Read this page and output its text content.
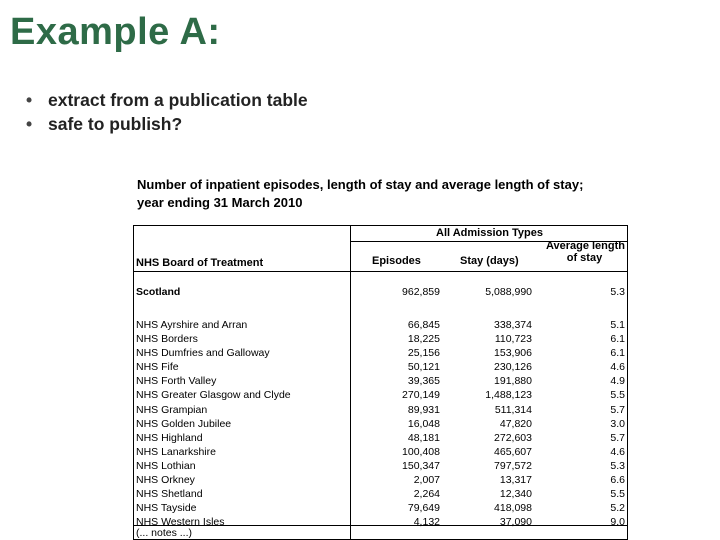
Example A:
• extract from a publication table
• safe to publish?
Number of inpatient episodes, length of stay and average length of stay;
year ending 31 March 2010
All Admission Types
NHS Board of Treatment	Episodes	Stay (days)
Average length
of stay
Scotland	962,859	5,088,990	5.3
NHS Ayrshire and Arran	66,845	338,374	5.1
NHS Borders	18,225	110,723	6.1
NHS Dumfries and Galloway	25,156	153,906	6.1
NHS Fife	50,121	230,126	4.6
NHS Forth Valley	39,365	191,880	4.9
NHS Greater Glasgow and Clyde	270,149	1,488,123	5.5
NHS Grampian	89,931	511,314	5.7
NHS Golden Jubilee	16,048	47,820	3.0
NHS Highland	48,181	272,603	5.7
NHS Lanarkshire	100,408	465,607	4.6
NHS Lothian	150,347	797,572	5.3
NHS Orkney	2,007	13,317	6.6
NHS Shetland	2,264	12,340	5.5
NHS Tayside	79,649	418,098	5.2
NHS Western Isles	4,132	37,090	9.0
(... notes ...)
